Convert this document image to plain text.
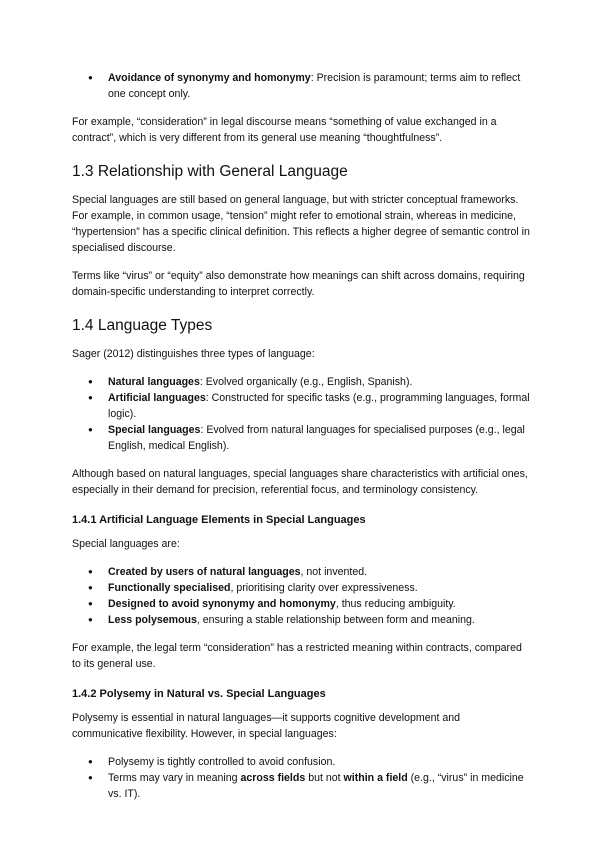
● Avoidance of synonymy and homonymy: Precision is paramount; terms aim to reflect one concept only.

For example, “consideration” in legal discourse means “something of value exchanged in a contract”, which is very different from its general use meaning “thoughtfulness”.

1.3 Relationship with General Language

Special languages are still based on general language, but with stricter conceptual frameworks. For example, in common usage, “tension” might refer to emotional strain, whereas in medicine, “hypertension” has a specific clinical definition. This reflects a higher degree of semantic control in specialised discourse.

Terms like “virus” or “equity” also demonstrate how meanings can shift across domains, requiring domain-specific understanding to interpret correctly.

1.4 Language Types

Sager (2012) distinguishes three types of language:

● Natural languages: Evolved organically (e.g., English, Spanish).
● Artificial languages: Constructed for specific tasks (e.g., programming languages, formal logic).
● Special languages: Evolved from natural languages for specialised purposes (e.g., legal English, medical English).

Although based on natural languages, special languages share characteristics with artificial ones, especially in their demand for precision, referential focus, and terminology consistency.

1.4.1 Artificial Language Elements in Special Languages

Special languages are:

● Created by users of natural languages, not invented.
● Functionally specialised, prioritising clarity over expressiveness.
● Designed to avoid synonymy and homonymy, thus reducing ambiguity.
● Less polysemous, ensuring a stable relationship between form and meaning.

For example, the legal term “consideration” has a restricted meaning within contracts, compared to its general use.

1.4.2 Polysemy in Natural vs. Special Languages

Polysemy is essential in natural languages—it supports cognitive development and communicative flexibility. However, in special languages:

● Polysemy is tightly controlled to avoid confusion.
● Terms may vary in meaning across fields but not within a field (e.g., “virus” in medicine vs. IT).
